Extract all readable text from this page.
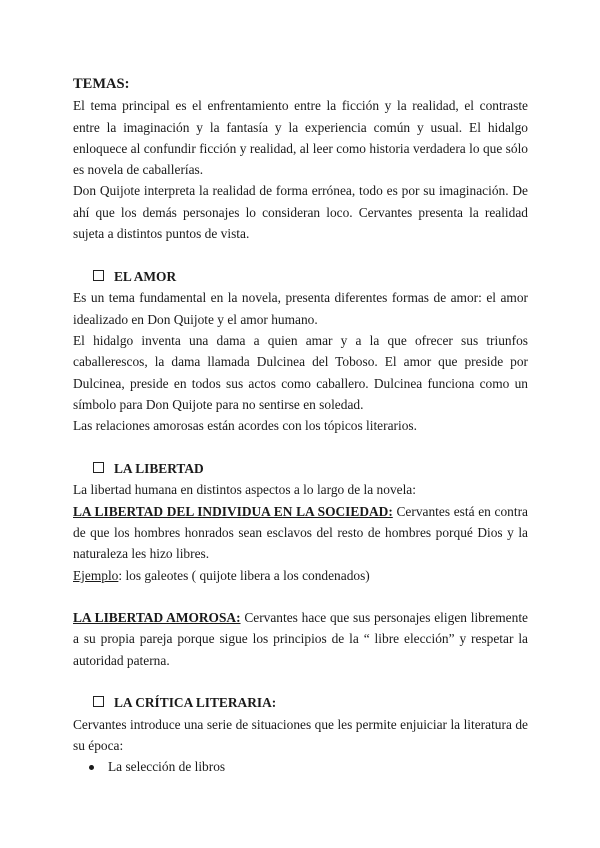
TEMAS:

El tema principal es el enfrentamiento entre la ficción y la realidad, el contraste entre la imaginación y la fantasía y la experiencia común y usual. El hidalgo enloquece al confundir ficción y realidad, al leer como historia verdadera lo que sólo es novela de caballerías.

Don Quijote interpreta la realidad de forma errónea, todo es por su imaginación. De ahí que los demás personajes lo consideran loco. Cervantes presenta la realidad sujeta a distintos puntos de vista.

EL AMOR

Es un tema fundamental en la novela, presenta diferentes formas de amor: el amor idealizado en Don Quijote y el amor humano.

El hidalgo inventa una dama a quien amar y a la que ofrecer sus triunfos caballerescos, la dama llamada Dulcinea del Toboso. El amor que preside por Dulcinea, preside en todos sus actos como caballero. Dulcinea funciona como un símbolo para Don Quijote para no sentirse en soledad.

Las relaciones amorosas están acordes con los tópicos literarios.

LA LIBERTAD

La libertad humana en distintos aspectos a lo largo de la novela:

LA LIBERTAD DEL INDIVIDUA EN LA SOCIEDAD: Cervantes está en contra de que los hombres honrados sean esclavos del resto de hombres porqué Dios y la naturaleza les hizo libres.

Ejemplo: los galeotes ( quijote libera a los condenados)

LA LIBERTAD AMOROSA: Cervantes hace que sus personajes eligen libremente a su propia pareja porque sigue los principios de la “ libre elección” y respetar la autoridad paterna.

LA CRÍTICA LITERARIA:

Cervantes introduce una serie de situaciones que les permite enjuiciar la literatura de su época:

La selección de libros
